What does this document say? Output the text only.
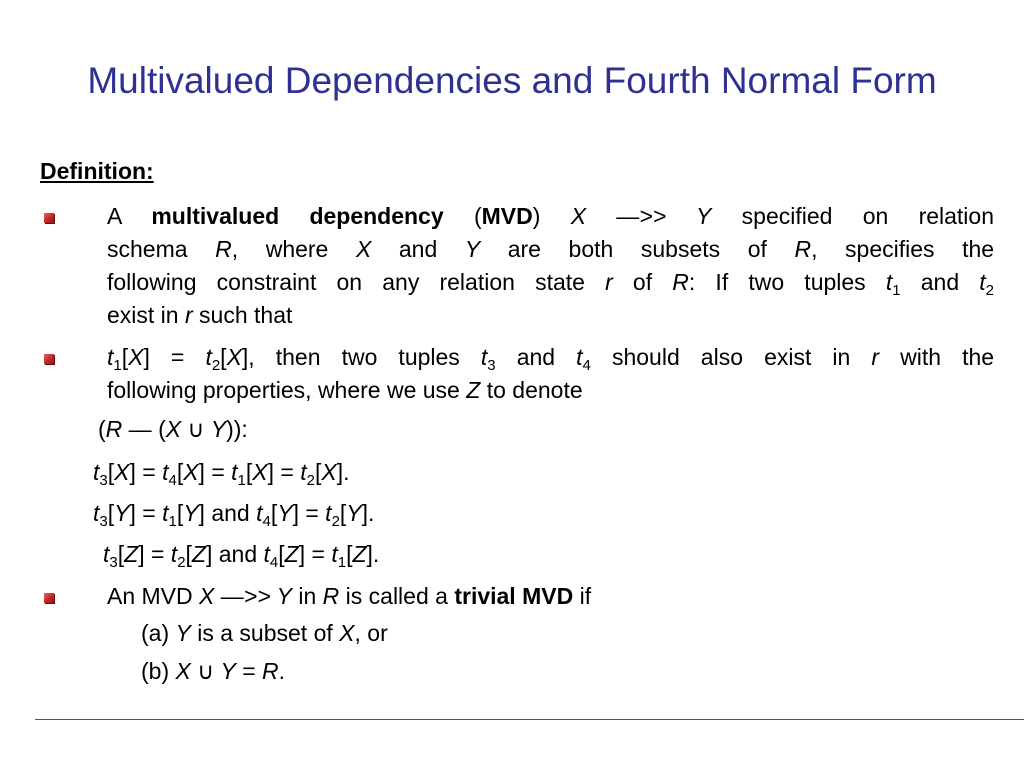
Multivalued Dependencies and Fourth Normal Form
Definition:
A multivalued dependency (MVD) X —>> Y specified on relation
schema R, where X and Y are both subsets of R, specifies the
following constraint on any relation state r of R: If two tuples $t_1$ and $t_2$
exist in r such that
$t_1[X] = t_2[X]$, then two tuples $t_3$ and $t_4$ should also exist in r with the
following properties, where we use Z to denote
(R — (X ∪ Y)):
$t_3[X] = t_4[X] = t_1[X] = t_2[X]$.
$t_3[Y] = t_1[Y]$ and $t_4[Y] = t_2[Y]$.
$t_3[Z] = t_2[Z]$ and $t_4[Z] = t_1[Z]$.
An MVD X —>> Y in R is called a trivial MVD if
(a) Y is a subset of X, or
(b) X ∪ Y = R.
